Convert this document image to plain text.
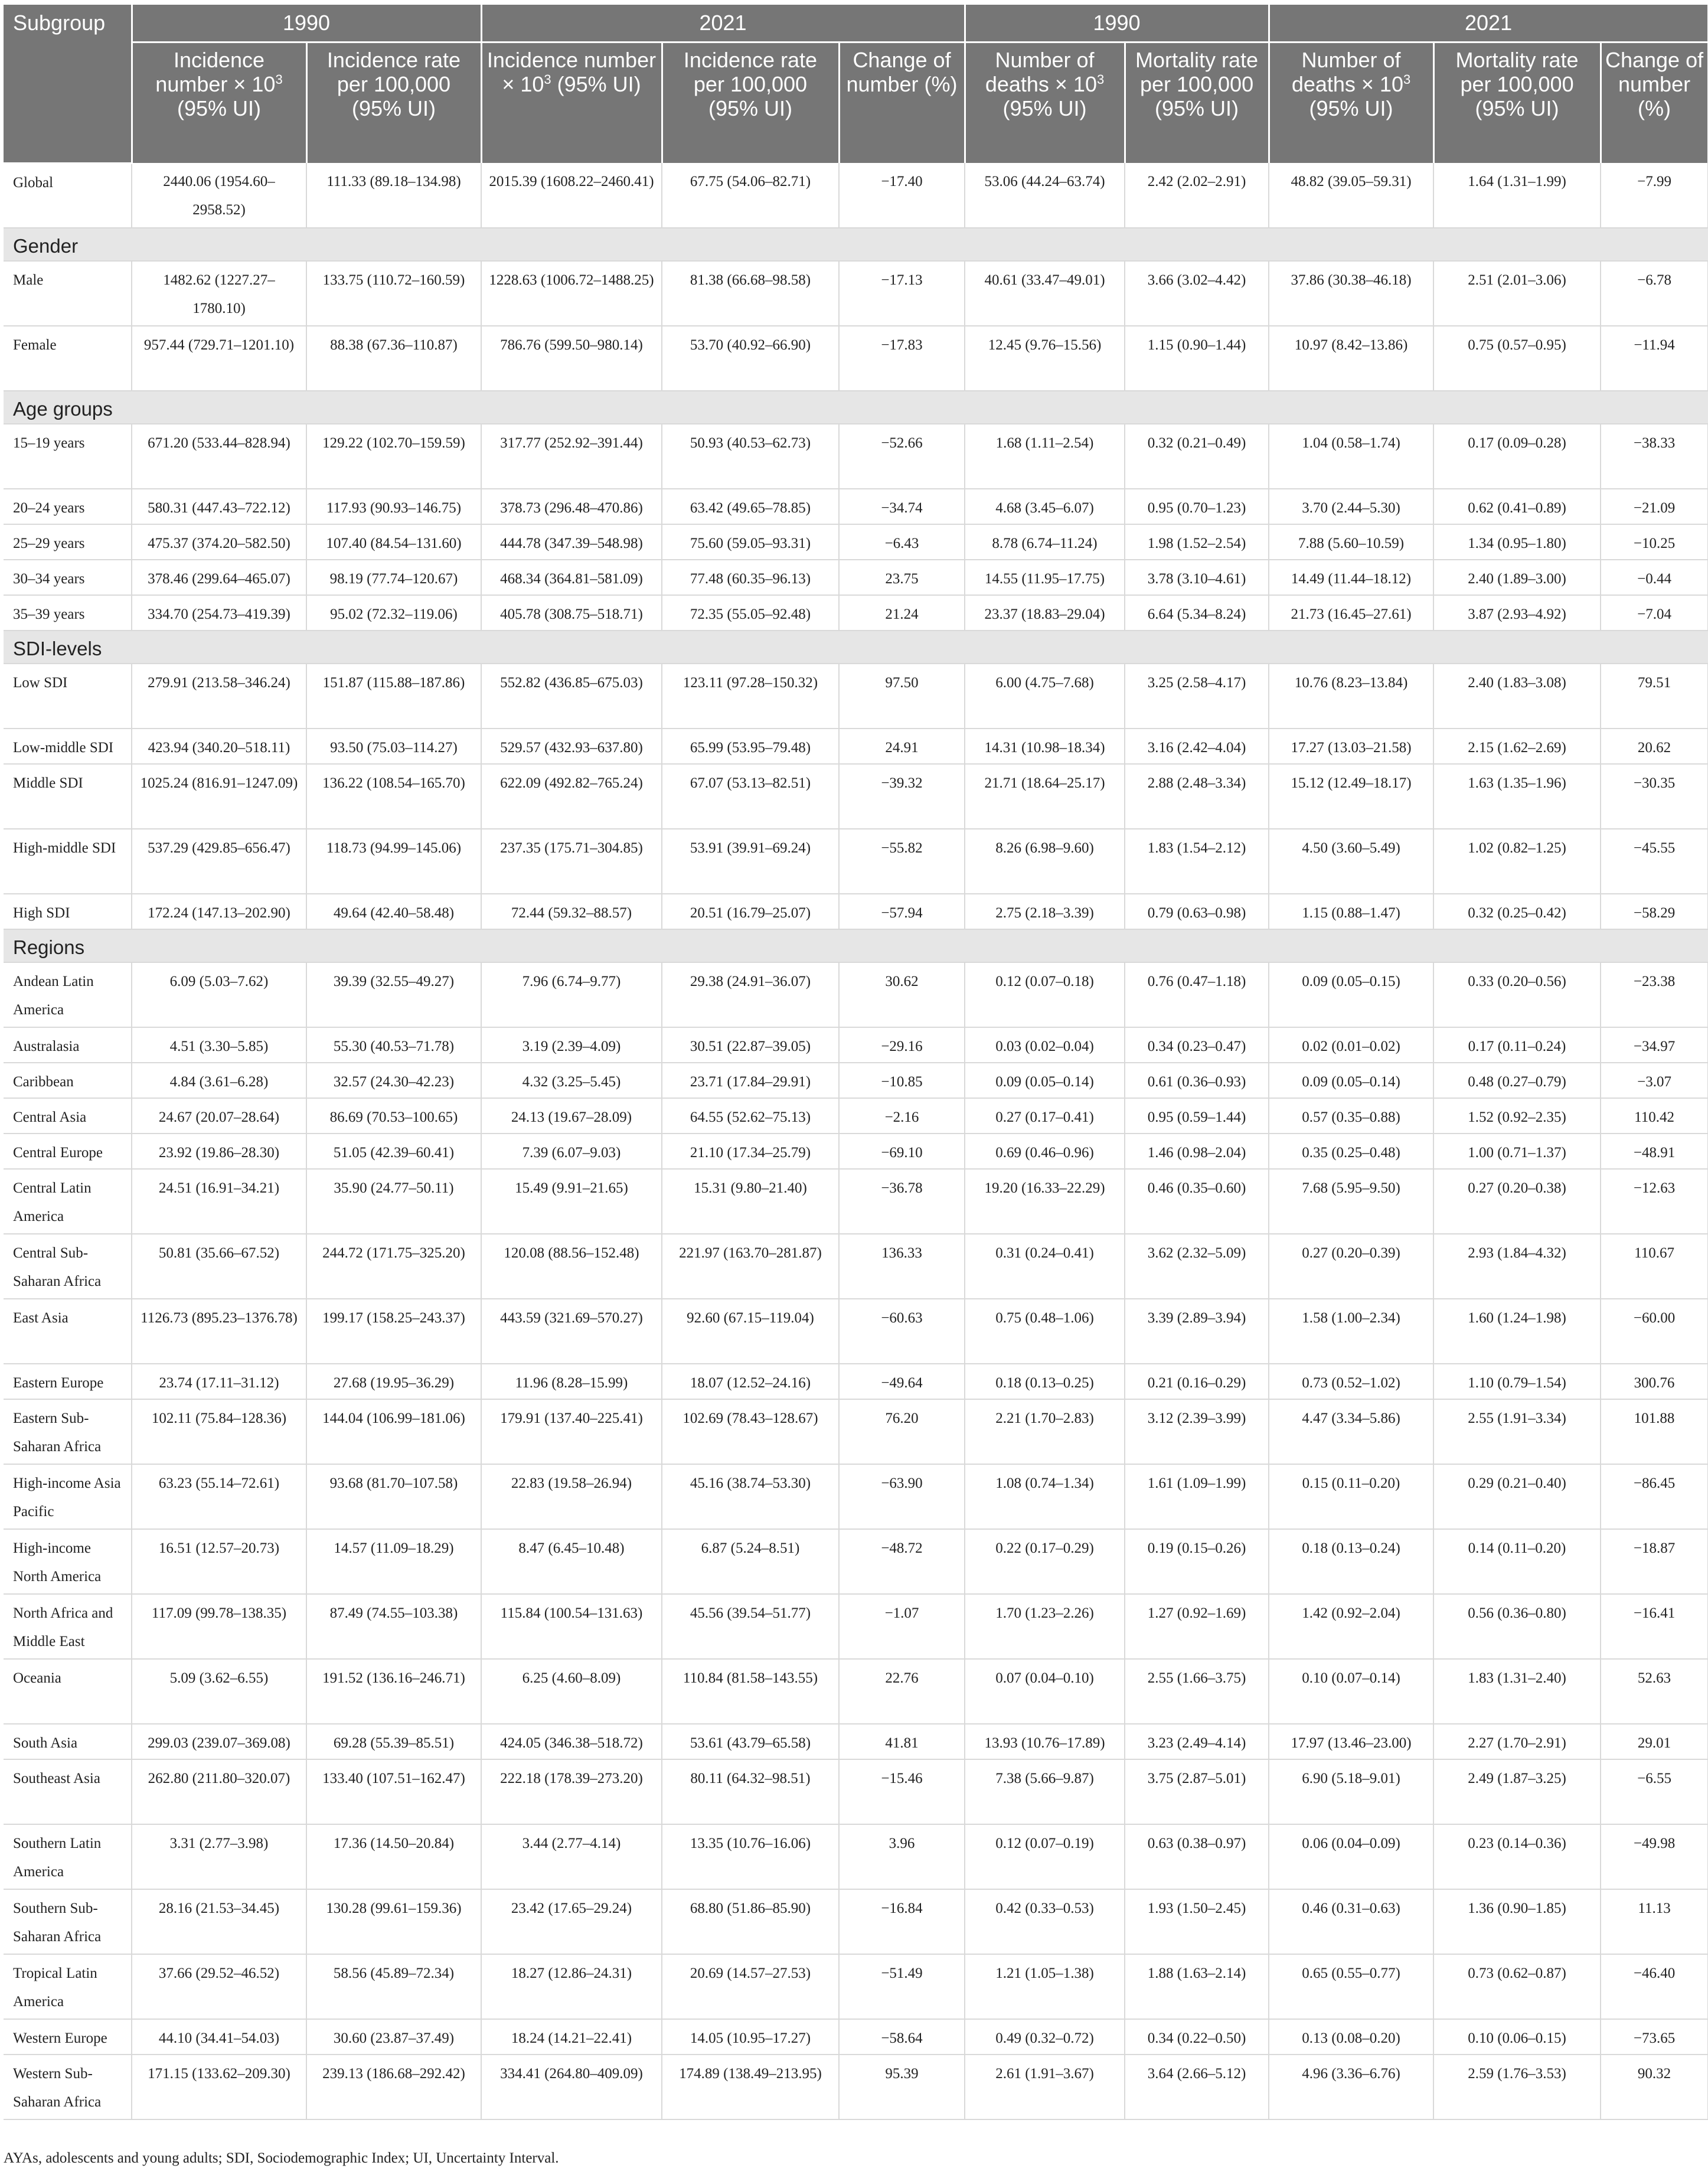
Subgroup	1990		2021			1990		2021		
	Incidence number × $10^3$ (95% UI)	Incidence rate per 100,000 (95% UI)	Incidence number × $10^3$ (95% UI)	Incidence rate per 100,000 (95% UI)	Change of number (%)	Number of deaths × $10^3$ (95% UI)	Mortality rate per 100,000 (95% UI)	Number of deaths × $10^3$ (95% UI)	Mortality rate per 100,000 (95% UI)	Change of number (%)
Global	2440.06 (1954.60–2958.52)	111.33 (89.18–134.98)	2015.39 (1608.22–2460.41)	67.75 (54.06–82.71)	−17.40	53.06 (44.24–63.74)	2.42 (2.02–2.91)	48.82 (39.05–59.31)	1.64 (1.31–1.99)	−7.99
Gender										
Male	1482.62 (1227.27–1780.10)	133.75 (110.72–160.59)	1228.63 (1006.72–1488.25)	81.38 (66.68–98.58)	−17.13	40.61 (33.47–49.01)	3.66 (3.02–4.42)	37.86 (30.38–46.18)	2.51 (2.01–3.06)	−6.78
Female	957.44 (729.71–1201.10)	88.38 (67.36–110.87)	786.76 (599.50–980.14)	53.70 (40.92–66.90)	−17.83	12.45 (9.76–15.56)	1.15 (0.90–1.44)	10.97 (8.42–13.86)	0.75 (0.57–0.95)	−11.94
Age groups										
15–19 years	671.20 (533.44–828.94)	129.22 (102.70–159.59)	317.77 (252.92–391.44)	50.93 (40.53–62.73)	−52.66	1.68 (1.11–2.54)	0.32 (0.21–0.49)	1.04 (0.58–1.74)	0.17 (0.09–0.28)	−38.33
20–24 years	580.31 (447.43–722.12)	117.93 (90.93–146.75)	378.73 (296.48–470.86)	63.42 (49.65–78.85)	−34.74	4.68 (3.45–6.07)	0.95 (0.70–1.23)	3.70 (2.44–5.30)	0.62 (0.41–0.89)	−21.09
25–29 years	475.37 (374.20–582.50)	107.40 (84.54–131.60)	444.78 (347.39–548.98)	75.60 (59.05–93.31)	−6.43	8.78 (6.74–11.24)	1.98 (1.52–2.54)	7.88 (5.60–10.59)	1.34 (0.95–1.80)	−10.25
30–34 years	378.46 (299.64–465.07)	98.19 (77.74–120.67)	468.34 (364.81–581.09)	77.48 (60.35–96.13)	23.75	14.55 (11.95–17.75)	3.78 (3.10–4.61)	14.49 (11.44–18.12)	2.40 (1.89–3.00)	−0.44
35–39 years	334.70 (254.73–419.39)	95.02 (72.32–119.06)	405.78 (308.75–518.71)	72.35 (55.05–92.48)	21.24	23.37 (18.83–29.04)	6.64 (5.34–8.24)	21.73 (16.45–27.61)	3.87 (2.93–4.92)	−7.04
SDI-levels										
Low SDI	279.91 (213.58–346.24)	151.87 (115.88–187.86)	552.82 (436.85–675.03)	123.11 (97.28–150.32)	97.50	6.00 (4.75–7.68)	3.25 (2.58–4.17)	10.76 (8.23–13.84)	2.40 (1.83–3.08)	79.51
Low-middle SDI	423.94 (340.20–518.11)	93.50 (75.03–114.27)	529.57 (432.93–637.80)	65.99 (53.95–79.48)	24.91	14.31 (10.98–18.34)	3.16 (2.42–4.04)	17.27 (13.03–21.58)	2.15 (1.62–2.69)	20.62
Middle SDI	1025.24 (816.91–1247.09)	136.22 (108.54–165.70)	622.09 (492.82–765.24)	67.07 (53.13–82.51)	−39.32	21.71 (18.64–25.17)	2.88 (2.48–3.34)	15.12 (12.49–18.17)	1.63 (1.35–1.96)	−30.35
High-middle SDI	537.29 (429.85–656.47)	118.73 (94.99–145.06)	237.35 (175.71–304.85)	53.91 (39.91–69.24)	−55.82	8.26 (6.98–9.60)	1.83 (1.54–2.12)	4.50 (3.60–5.49)	1.02 (0.82–1.25)	−45.55
High SDI	172.24 (147.13–202.90)	49.64 (42.40–58.48)	72.44 (59.32–88.57)	20.51 (16.79–25.07)	−57.94	2.75 (2.18–3.39)	0.79 (0.63–0.98)	1.15 (0.88–1.47)	0.32 (0.25–0.42)	−58.29
Regions										
Andean Latin America	6.09 (5.03–7.62)	39.39 (32.55–49.27)	7.96 (6.74–9.77)	29.38 (24.91–36.07)	30.62	0.12 (0.07–0.18)	0.76 (0.47–1.18)	0.09 (0.05–0.15)	0.33 (0.20–0.56)	−23.38
Australasia	4.51 (3.30–5.85)	55.30 (40.53–71.78)	3.19 (2.39–4.09)	30.51 (22.87–39.05)	−29.16	0.03 (0.02–0.04)	0.34 (0.23–0.47)	0.02 (0.01–0.02)	0.17 (0.11–0.24)	−34.97
Caribbean	4.84 (3.61–6.28)	32.57 (24.30–42.23)	4.32 (3.25–5.45)	23.71 (17.84–29.91)	−10.85	0.09 (0.05–0.14)	0.61 (0.36–0.93)	0.09 (0.05–0.14)	0.48 (0.27–0.79)	−3.07
Central Asia	24.67 (20.07–28.64)	86.69 (70.53–100.65)	24.13 (19.67–28.09)	64.55 (52.62–75.13)	−2.16	0.27 (0.17–0.41)	0.95 (0.59–1.44)	0.57 (0.35–0.88)	1.52 (0.92–2.35)	110.42
Central Europe	23.92 (19.86–28.30)	51.05 (42.39–60.41)	7.39 (6.07–9.03)	21.10 (17.34–25.79)	−69.10	0.69 (0.46–0.96)	1.46 (0.98–2.04)	0.35 (0.25–0.48)	1.00 (0.71–1.37)	−48.91
Central Latin America	24.51 (16.91–34.21)	35.90 (24.77–50.11)	15.49 (9.91–21.65)	15.31 (9.80–21.40)	−36.78	19.20 (16.33–22.29)	0.46 (0.35–0.60)	7.68 (5.95–9.50)	0.27 (0.20–0.38)	−12.63
Central Sub-Saharan Africa	50.81 (35.66–67.52)	244.72 (171.75–325.20)	120.08 (88.56–152.48)	221.97 (163.70–281.87)	136.33	0.31 (0.24–0.41)	3.62 (2.32–5.09)	0.27 (0.20–0.39)	2.93 (1.84–4.32)	110.67
East Asia	1126.73 (895.23–1376.78)	199.17 (158.25–243.37)	443.59 (321.69–570.27)	92.60 (67.15–119.04)	−60.63	0.75 (0.48–1.06)	3.39 (2.89–3.94)	1.58 (1.00–2.34)	1.60 (1.24–1.98)	−60.00
Eastern Europe	23.74 (17.11–31.12)	27.68 (19.95–36.29)	11.96 (8.28–15.99)	18.07 (12.52–24.16)	−49.64	0.18 (0.13–0.25)	0.21 (0.16–0.29)	0.73 (0.52–1.02)	1.10 (0.79–1.54)	300.76
Eastern Sub-Saharan Africa	102.11 (75.84–128.36)	144.04 (106.99–181.06)	179.91 (137.40–225.41)	102.69 (78.43–128.67)	76.20	2.21 (1.70–2.83)	3.12 (2.39–3.99)	4.47 (3.34–5.86)	2.55 (1.91–3.34)	101.88
High-income Asia Pacific	63.23 (55.14–72.61)	93.68 (81.70–107.58)	22.83 (19.58–26.94)	45.16 (38.74–53.30)	−63.90	1.08 (0.74–1.34)	1.61 (1.09–1.99)	0.15 (0.11–0.20)	0.29 (0.21–0.40)	−86.45
High-income North America	16.51 (12.57–20.73)	14.57 (11.09–18.29)	8.47 (6.45–10.48)	6.87 (5.24–8.51)	−48.72	0.22 (0.17–0.29)	0.19 (0.15–0.26)	0.18 (0.13–0.24)	0.14 (0.11–0.20)	−18.87
North Africa and Middle East	117.09 (99.78–138.35)	87.49 (74.55–103.38)	115.84 (100.54–131.63)	45.56 (39.54–51.77)	−1.07	1.70 (1.23–2.26)	1.27 (0.92–1.69)	1.42 (0.92–2.04)	0.56 (0.36–0.80)	−16.41
Oceania	5.09 (3.62–6.55)	191.52 (136.16–246.71)	6.25 (4.60–8.09)	110.84 (81.58–143.55)	22.76	0.07 (0.04–0.10)	2.55 (1.66–3.75)	0.10 (0.07–0.14)	1.83 (1.31–2.40)	52.63
South Asia	299.03 (239.07–369.08)	69.28 (55.39–85.51)	424.05 (346.38–518.72)	53.61 (43.79–65.58)	41.81	13.93 (10.76–17.89)	3.23 (2.49–4.14)	17.97 (13.46–23.00)	2.27 (1.70–2.91)	29.01
Southeast Asia	262.80 (211.80–320.07)	133.40 (107.51–162.47)	222.18 (178.39–273.20)	80.11 (64.32–98.51)	−15.46	7.38 (5.66–9.87)	3.75 (2.87–5.01)	6.90 (5.18–9.01)	2.49 (1.87–3.25)	−6.55
Southern Latin America	3.31 (2.77–3.98)	17.36 (14.50–20.84)	3.44 (2.77–4.14)	13.35 (10.76–16.06)	3.96	0.12 (0.07–0.19)	0.63 (0.38–0.97)	0.06 (0.04–0.09)	0.23 (0.14–0.36)	−49.98
Southern Sub-Saharan Africa	28.16 (21.53–34.45)	130.28 (99.61–159.36)	23.42 (17.65–29.24)	68.80 (51.86–85.90)	−16.84	0.42 (0.33–0.53)	1.93 (1.50–2.45)	0.46 (0.31–0.63)	1.36 (0.90–1.85)	11.13
Tropical Latin America	37.66 (29.52–46.52)	58.56 (45.89–72.34)	18.27 (12.86–24.31)	20.69 (14.57–27.53)	−51.49	1.21 (1.05–1.38)	1.88 (1.63–2.14)	0.65 (0.55–0.77)	0.73 (0.62–0.87)	−46.40
Western Europe	44.10 (34.41–54.03)	30.60 (23.87–37.49)	18.24 (14.21–22.41)	14.05 (10.95–17.27)	−58.64	0.49 (0.32–0.72)	0.34 (0.22–0.50)	0.13 (0.08–0.20)	0.10 (0.06–0.15)	−73.65
Western Sub-Saharan Africa	171.15 (133.62–209.30)	239.13 (186.68–292.42)	334.41 (264.80–409.09)	174.89 (138.49–213.95)	95.39	2.61 (1.91–3.67)	3.64 (2.66–5.12)	4.96 (3.36–6.76)	2.59 (1.76–3.53)	90.32
AYAs, adolescents and young adults; SDI, Sociodemographic Index; UI, Uncertainty Interval.
